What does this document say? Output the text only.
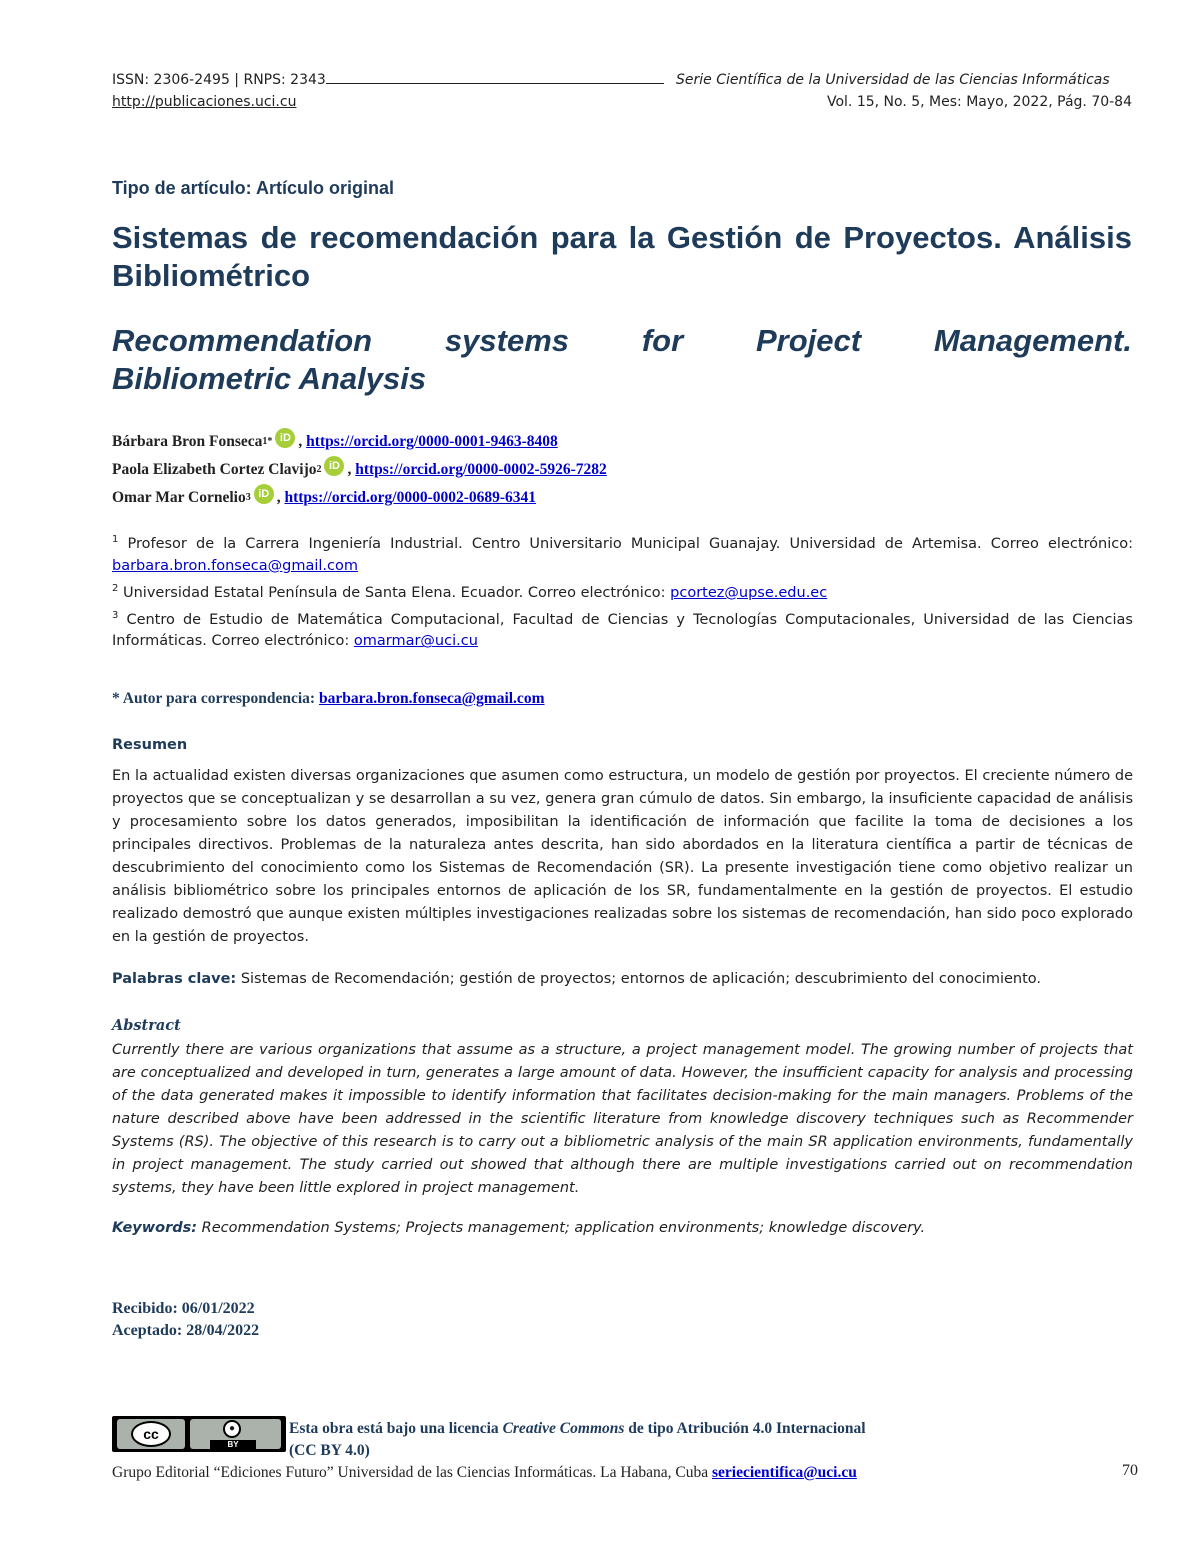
ISSN: 2306-2495 | RNPS: 2343	Serie Científica de la Universidad de las Ciencias Informáticas
http://publicaciones.uci.cu	Vol. 15, No. 5, Mes: Mayo, 2022, Pág. 70-84
Tipo de artículo: Artículo original
Sistemas de recomendación para la Gestión de Proyectos. Análisis Bibliométrico
Recommendation systems for Project Management.
Bibliometric Analysis
Bárbara Bron Fonseca 1* iD , https://orcid.org/0000-0001-9463-8408
Paola Elizabeth Cortez Clavijo 2 iD , https://orcid.org/0000-0002-5926-7282
Omar Mar Cornelio 3 iD , https://orcid.org/0000-0002-0689-6341

$^1$ Profesor de la Carrera Ingeniería Industrial. Centro Universitario Municipal Guanajay. Universidad de Artemisa. Correo electrónico: barbara.bron.fonseca@gmail.com

$^2$ Universidad Estatal Península de Santa Elena. Ecuador. Correo electrónico: pcortez@upse.edu.ec

$^3$ Centro de Estudio de Matemática Computacional, Facultad de Ciencias y Tecnologías Computacionales, Universidad de las Ciencias Informáticas. Correo electrónico: omarmar@uci.cu

* Autor para correspondencia: barbara.bron.fonseca@gmail.com
Resumen
En la actualidad existen diversas organizaciones que asumen como estructura, un modelo de gestión por proyectos. El creciente número de proyectos que se conceptualizan y se desarrollan a su vez, genera gran cúmulo de datos. Sin embargo, la insuficiente capacidad de análisis y procesamiento sobre los datos generados, imposibilitan la identificación de información que facilite la toma de decisiones a los principales directivos. Problemas de la naturaleza antes descrita, han sido abordados en la literatura científica a partir de técnicas de descubrimiento del conocimiento como los Sistemas de Recomendación (SR). La presente investigación tiene como objetivo realizar un análisis bibliométrico sobre los principales entornos de aplicación de los SR, fundamentalmente en la gestión de proyectos. El estudio realizado demostró que aunque existen múltiples investigaciones realizadas sobre los sistemas de recomendación, han sido poco explorado en la gestión de proyectos.
Palabras clave: Sistemas de Recomendación; gestión de proyectos; entornos de aplicación; descubrimiento del conocimiento.
Abstract
Currently there are various organizations that assume as a structure, a project management model. The growing number of projects that are conceptualized and developed in turn, generates a large amount of data. However, the insufficient capacity for analysis and processing of the data generated makes it impossible to identify information that facilitates decision-making for the main managers. Problems of the nature described above have been addressed in the scientific literature from knowledge discovery techniques such as Recommender Systems (RS). The objective of this research is to carry out a bibliometric analysis of the main SR application environments, fundamentally in project management. The study carried out showed that although there are multiple investigations carried out on recommendation systems, they have been little explored in project management.
Keywords: Recommendation Systems; Projects management; application environments; knowledge discovery.
Recibido: 06/01/2022
Aceptado: 28/04/2022
cc	●
BY
Esta obra está bajo una licencia Creative Commons de tipo Atribución 4.0 Internacional
(CC BY 4.0)
Grupo Editorial “Ediciones Futuro” Universidad de las Ciencias Informáticas. La Habana, Cuba seriecientifica@uci.cu	70
